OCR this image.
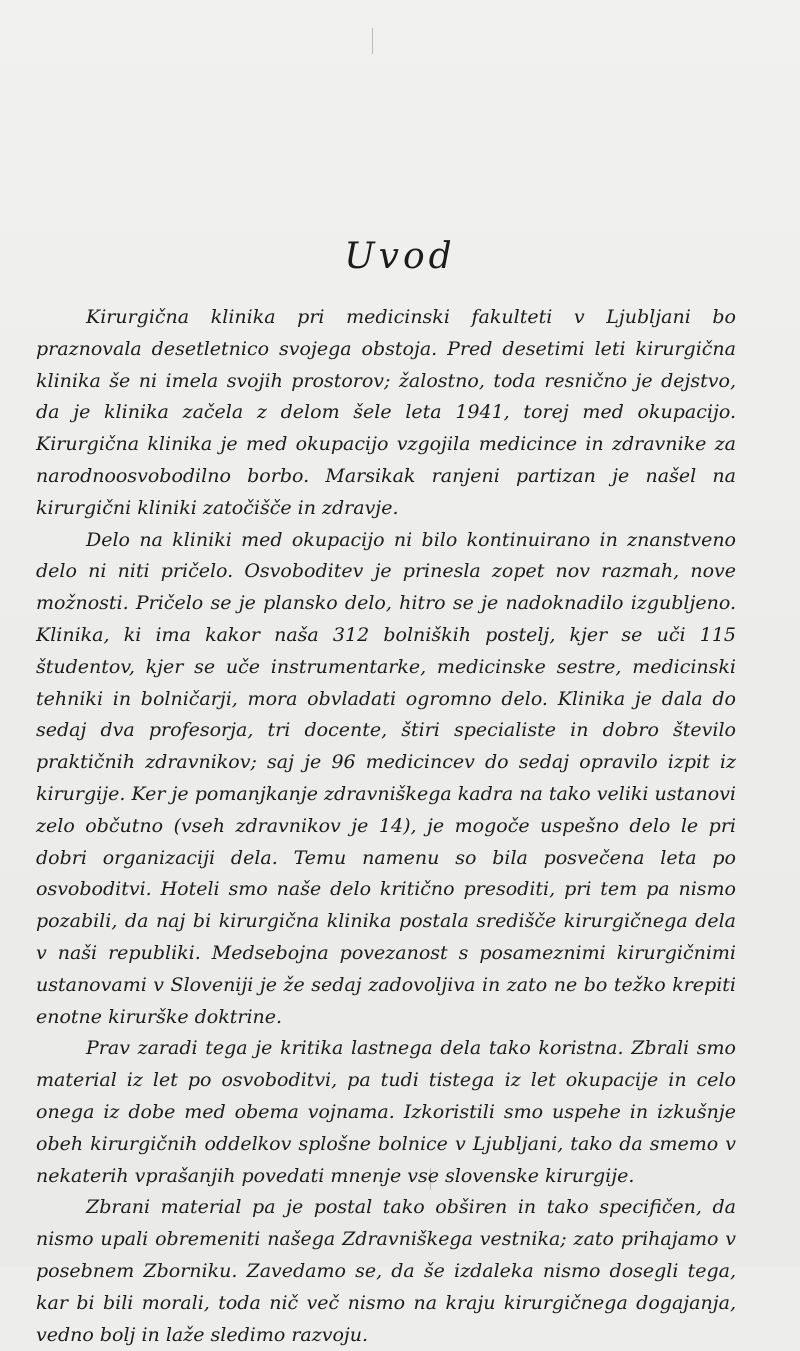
Uvod

Kirurgična klinika pri medicinski fakulteti v Ljubljani bo praznovala desetletnico svojega obstoja. Pred desetimi leti kirurgična klinika še ni imela svojih prostorov; žalostno, toda resnično je dejstvo, da je klinika začela z delom šele leta 1941, torej med okupacijo. Kirurgična klinika je med okupacijo vzgojila medicince in zdravnike za narodnoosvobodilno borbo. Marsikak ranjeni partizan je našel na kirurgični kliniki zatočišče in zdravje.

Delo na kliniki med okupacijo ni bilo kontinuirano in znanstveno delo ni niti pričelo. Osvoboditev je prinesla zopet nov razmah, nove možnosti. Pričelo se je plansko delo, hitro se je nadoknadilo izgubljeno. Klinika, ki ima kakor naša 312 bolniških postelj, kjer se uči 115 študentov, kjer se uče instrumentarke, medicinske sestre, medicinski tehniki in bolničarji, mora obvladati ogromno delo. Klinika je dala do sedaj dva profesorja, tri docente, štiri specialiste in dobro število praktičnih zdravnikov; saj je 96 medicincev do sedaj opravilo izpit iz kirurgije. Ker je pomanjkanje zdravniškega kadra na tako veliki ustanovi zelo občutno (vseh zdravnikov je 14), je mogoče uspešno delo le pri dobri organizaciji dela. Temu namenu so bila posvečena leta po osvoboditvi. Hoteli smo naše delo kritično presoditi, pri tem pa nismo pozabili, da naj bi kirurgična klinika postala središče kirurgičnega dela v naši republiki. Medsebojna povezanost s posameznimi kirurgičnimi ustanovami v Sloveniji je že sedaj zadovoljiva in zato ne bo težko krepiti enotne kirurške doktrine.

Prav zaradi tega je kritika lastnega dela tako koristna. Zbrali smo material iz let po osvoboditvi, pa tudi tistega iz let okupacije in celo onega iz dobe med obema vojnama. Izkoristili smo uspehe in izkušnje obeh kirurgičnih oddelkov splošne bolnice v Ljubljani, tako da smemo v nekaterih vprašanjih povedati mnenje vse slovenske kirurgije.

Zbrani material pa je postal tako obširen in tako specifičen, da nismo upali obremeniti našega Zdravniškega vestnika; zato prihajamo v posebnem Zborniku. Zavedamo se, da še izdaleka nismo dosegli tega, kar bi bili morali, toda nič več nismo na kraju kirurgičnega dogajanja, vedno bolj in laže sledimo razvoju.
